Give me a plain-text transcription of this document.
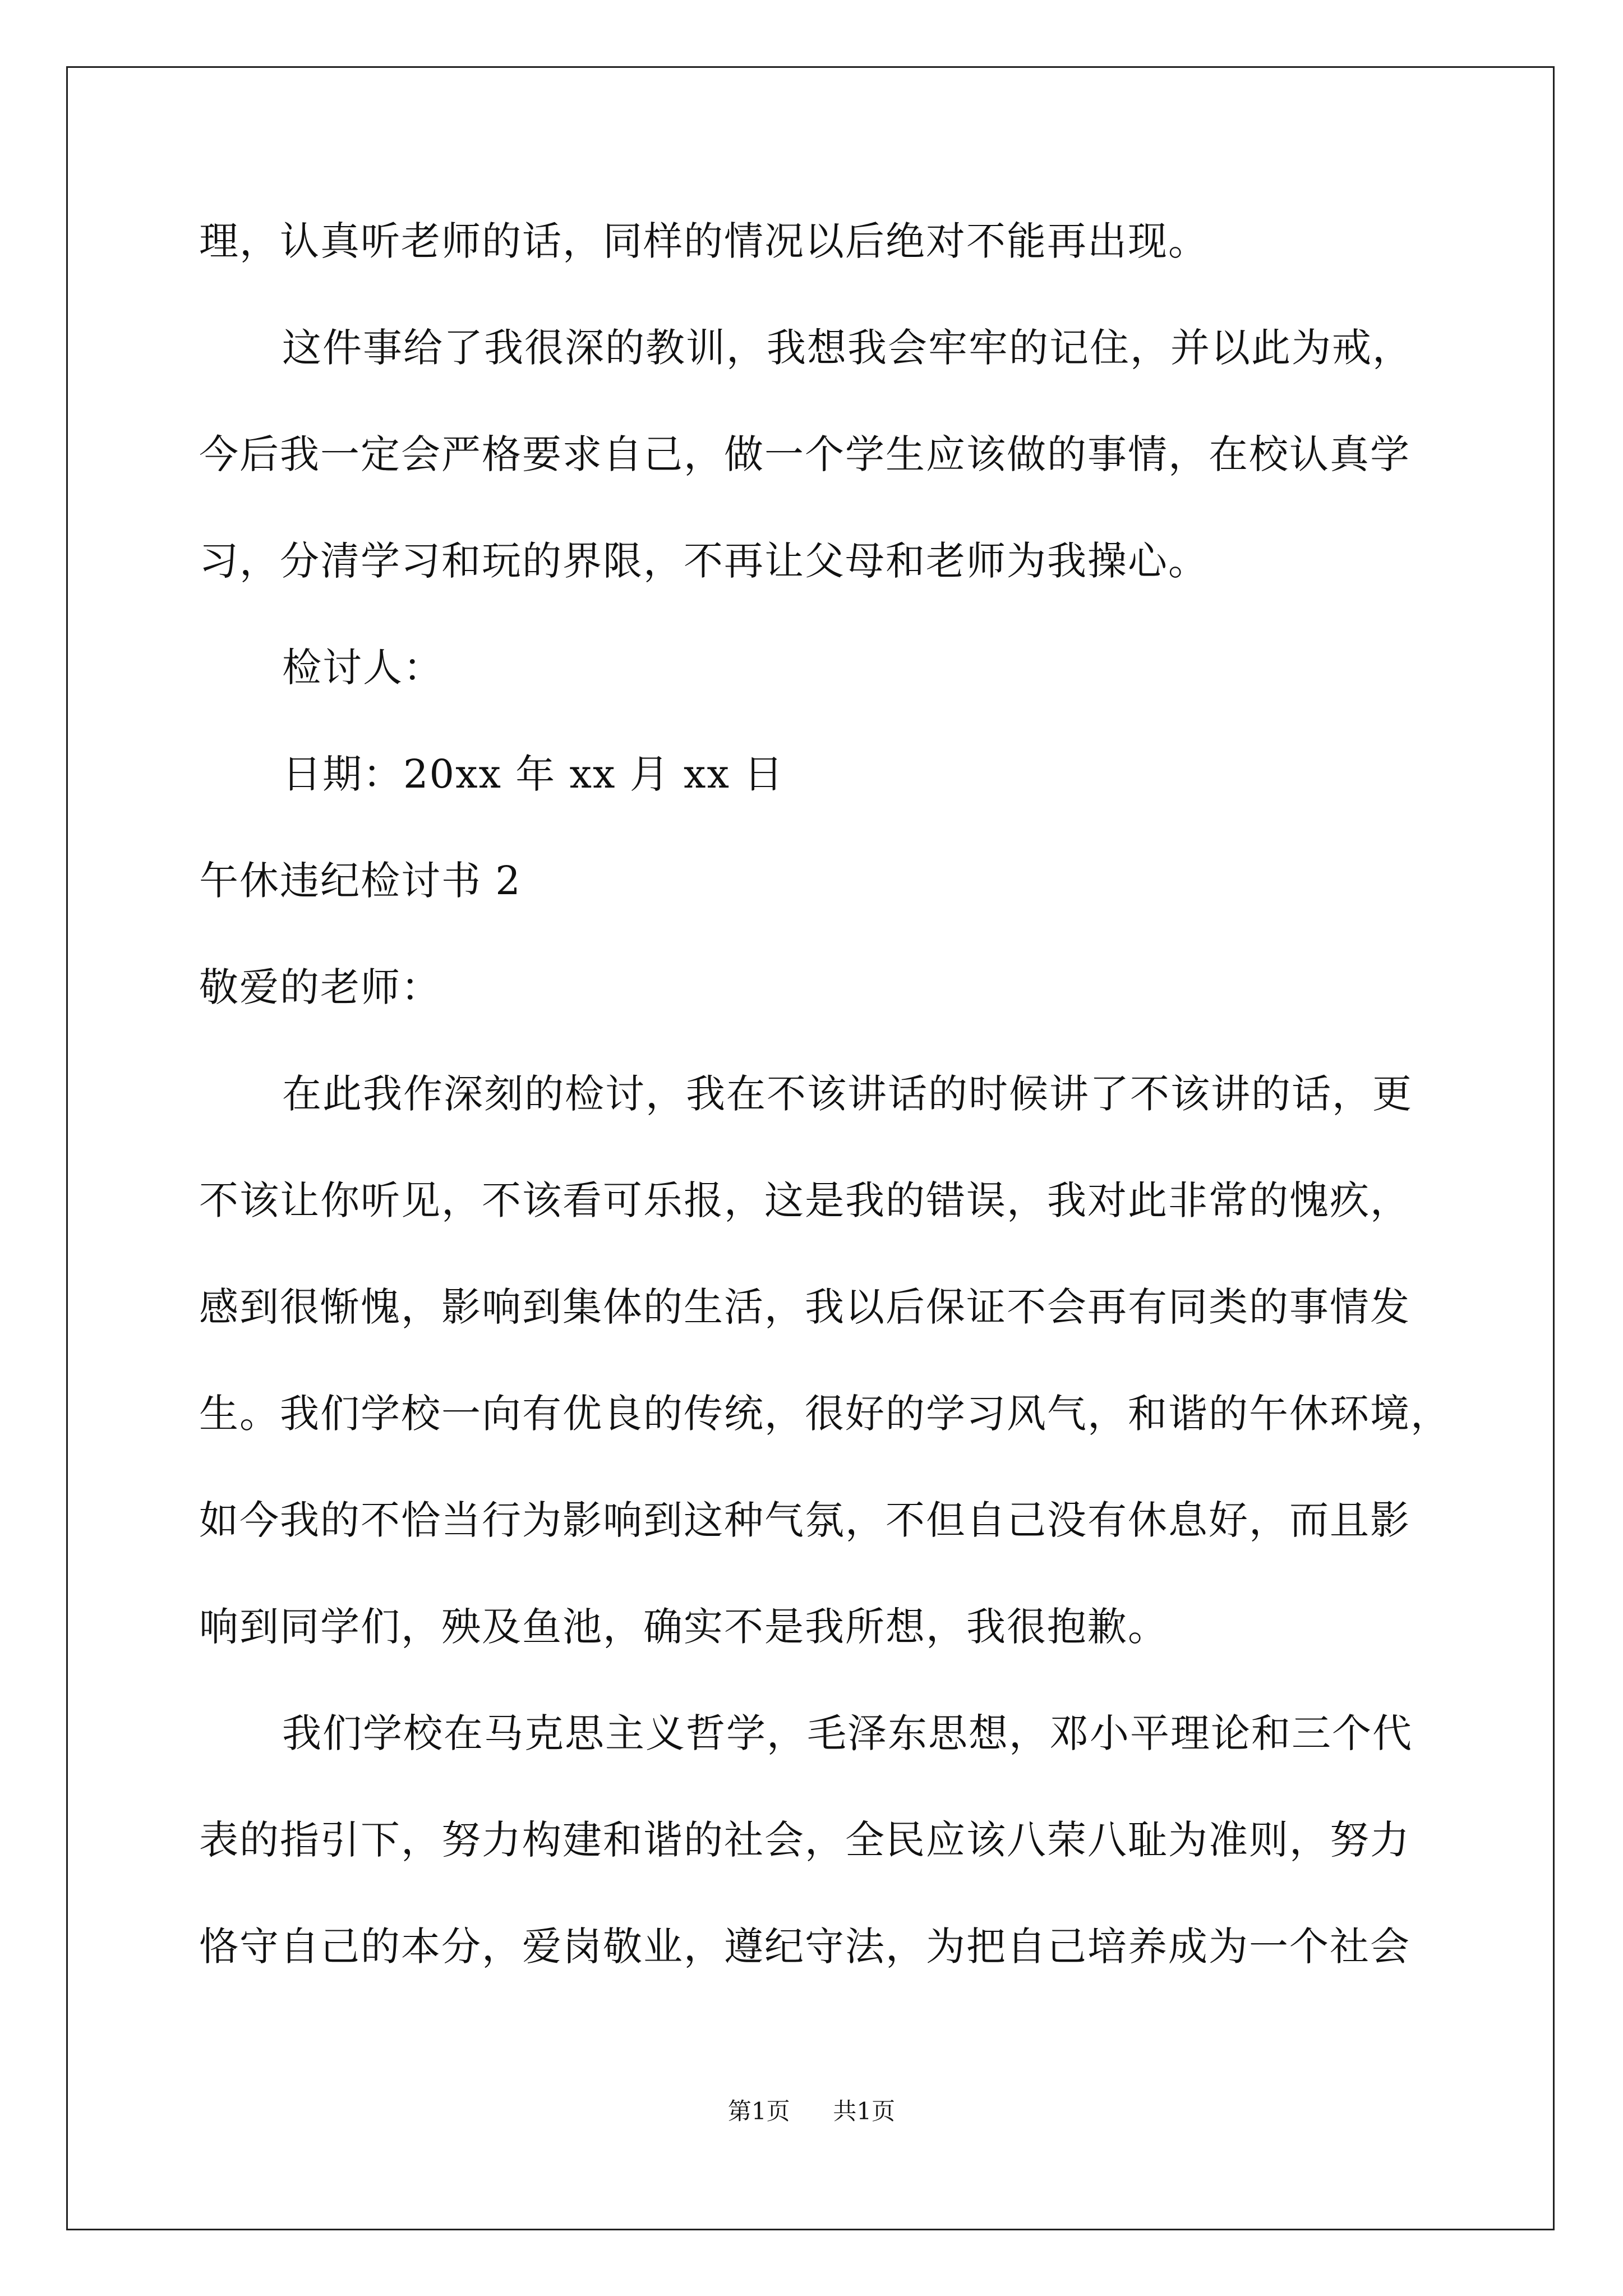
理，认真听老师的话，同样的情况以后绝对不能再出现。
这件事给了我很深的教训，我想我会牢牢的记住，并以此为戒，
今后我一定会严格要求自己，做一个学生应该做的事情，在校认真学
习，分清学习和玩的界限，不再让父母和老师为我操心。
检讨人：
日期：20xx 年 xx 月 xx 日
午休违纪检讨书 2
敬爱的老师：
在此我作深刻的检讨，我在不该讲话的时候讲了不该讲的话，更
不该让你听见，不该看可乐报，这是我的错误，我对此非常的愧疚，
感到很惭愧，影响到集体的生活，我以后保证不会再有同类的事情发
生。我们学校一向有优良的传统，很好的学习风气，和谐的午休环境，
如今我的不恰当行为影响到这种气氛，不但自己没有休息好，而且影
响到同学们，殃及鱼池，确实不是我所想，我很抱歉。
我们学校在马克思主义哲学，毛泽东思想，邓小平理论和三个代
表的指引下，努力构建和谐的社会，全民应该八荣八耻为准则，努力
恪守自己的本分，爱岗敬业，遵纪守法，为把自己培养成为一个社会
第1页 共1页
